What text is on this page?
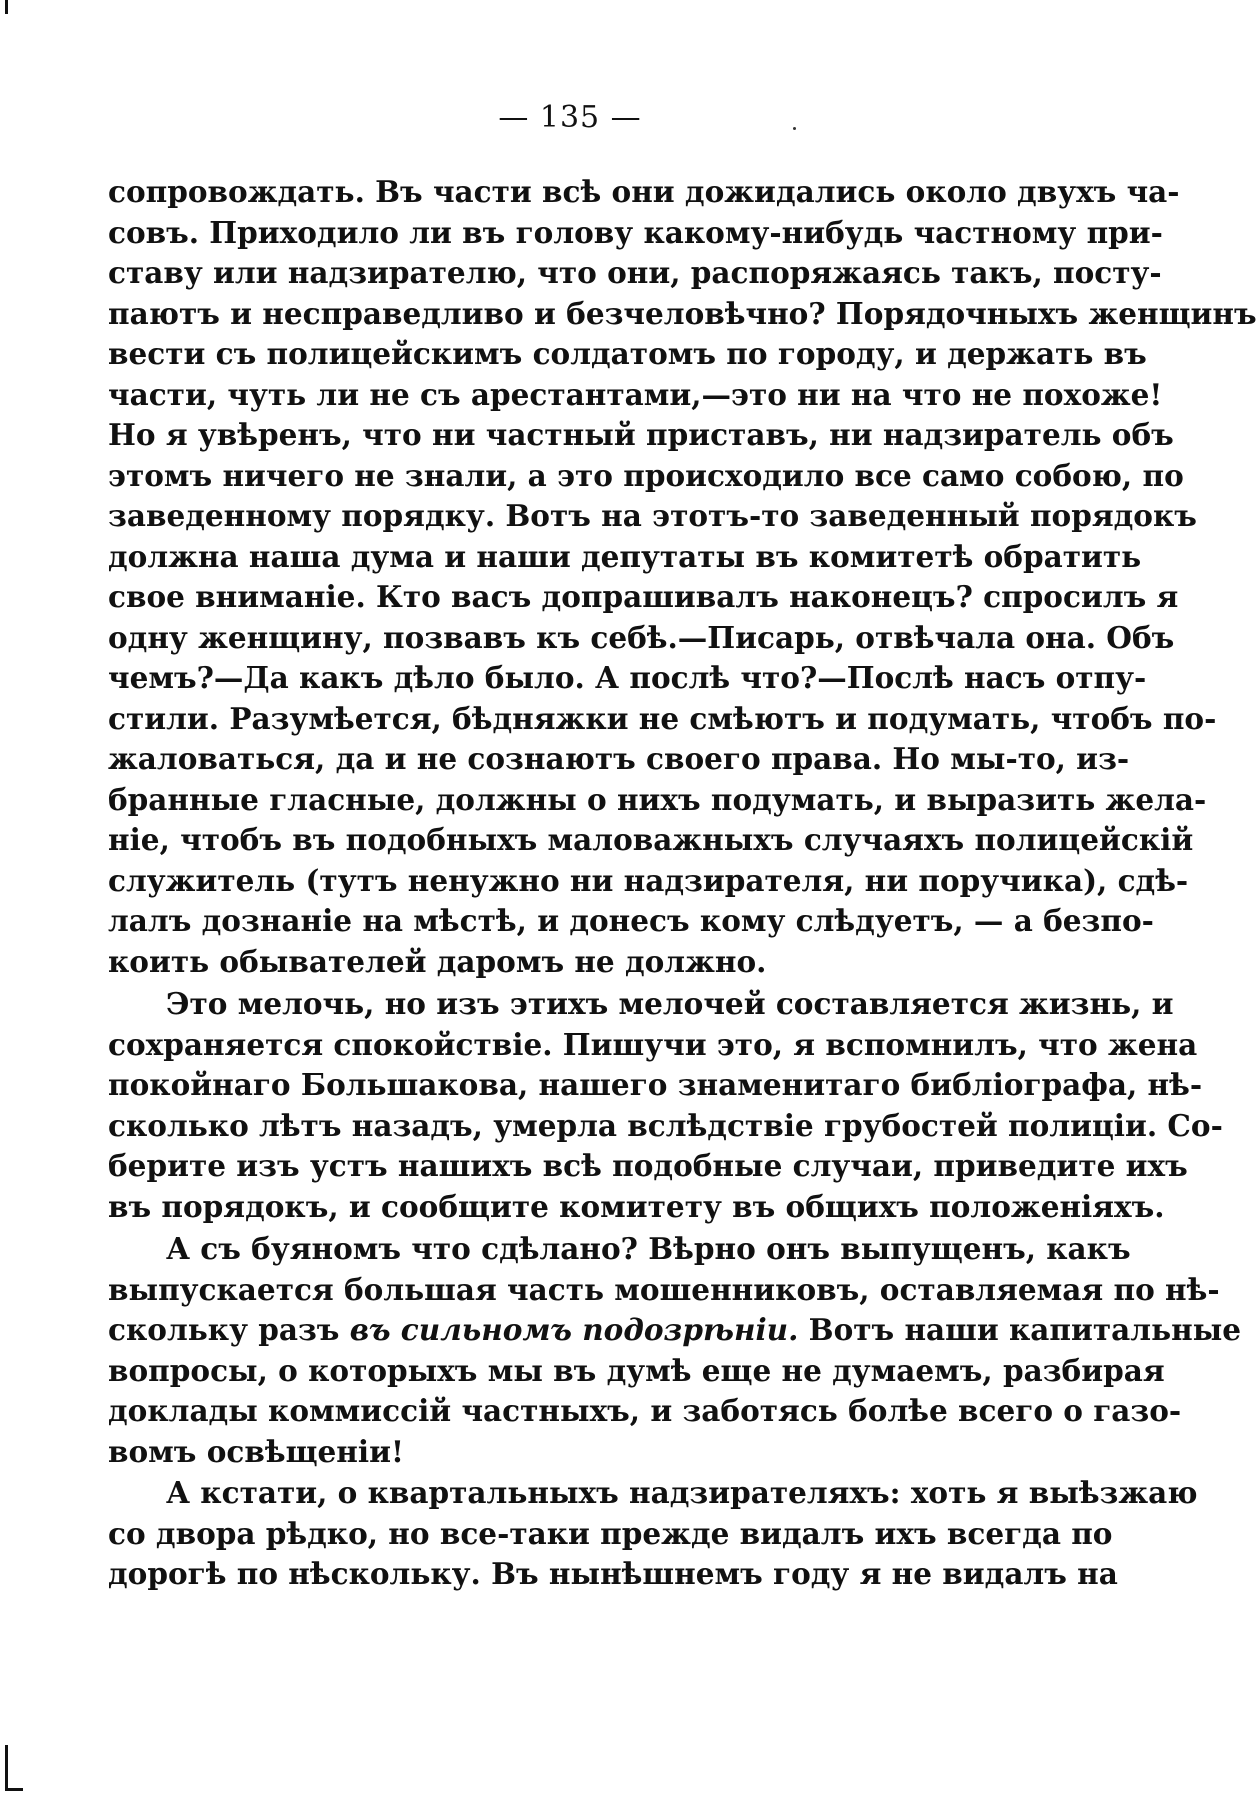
— 135 —
сопровождать. Въ части всѣ они дожидались около двухъ ча-
совъ. Приходило ли въ голову какому-нибудь частному при-
ставу или надзирателю, что они, распоряжаясь такъ, посту-
паютъ и несправедливо и безчеловѣчно? Порядочныхъ женщинъ
вести съ полицейскимъ солдатомъ по городу, и держать въ
части, чуть ли не съ арестантами,—это ни на что не похоже!
Но я увѣренъ, что ни частный приставъ, ни надзиратель объ
этомъ ничего не знали, а это происходило все само собою, по
заведенному порядку. Вотъ на этотъ-то заведенный порядокъ
должна наша дума и наши депутаты въ комитетѣ обратить
свое вниманіе. Кто васъ допрашивалъ наконецъ? спросилъ я
одну женщину, позвавъ къ себѣ.—Писарь, отвѣчала она. Объ
чемъ?—Да какъ дѣло было. А послѣ что?—Послѣ насъ отпу-
стили. Разумѣется, бѣдняжки не смѣютъ и подумать, чтобъ по-
жаловаться, да и не сознаютъ своего права. Но мы-то, из-
бранные гласные, должны о нихъ подумать, и выразить жела-
ніе, чтобъ въ подобныхъ маловажныхъ случаяхъ полицейскій
служитель (тутъ ненужно ни надзирателя, ни поручика), сдѣ-
лалъ дознаніе на мѣстѣ, и донесъ кому слѣдуетъ, — а безпо-
коить обывателей даромъ не должно.
Это мелочь, но изъ этихъ мелочей составляется жизнь, и
сохраняется спокойствіе. Пишучи это, я вспомнилъ, что жена
покойнаго Большакова, нашего знаменитаго библіографа, нѣ-
сколько лѣтъ назадъ, умерла вслѣдствіе грубостей полиціи. Со-
берите изъ устъ нашихъ всѣ подобные случаи, приведите ихъ
въ порядокъ, и сообщите комитету въ общихъ положеніяхъ.
А съ буяномъ что сдѣлано? Вѣрно онъ выпущенъ, какъ
выпускается большая часть мошенниковъ, оставляемая по нѣ-
скольку разъ въ сильномъ подозрѣніи. Вотъ наши капитальные
вопросы, о которыхъ мы въ думѣ еще не думаемъ, разбирая
доклады коммиссій частныхъ, и заботясь болѣе всего о газо-
вомъ освѣщеніи!
А кстати, о квартальныхъ надзирателяхъ: хоть я выѣзжаю
со двора рѣдко, но все-таки прежде видалъ ихъ всегда по
дорогѣ по нѣскольку. Въ нынѣшнемъ году я не видалъ на
